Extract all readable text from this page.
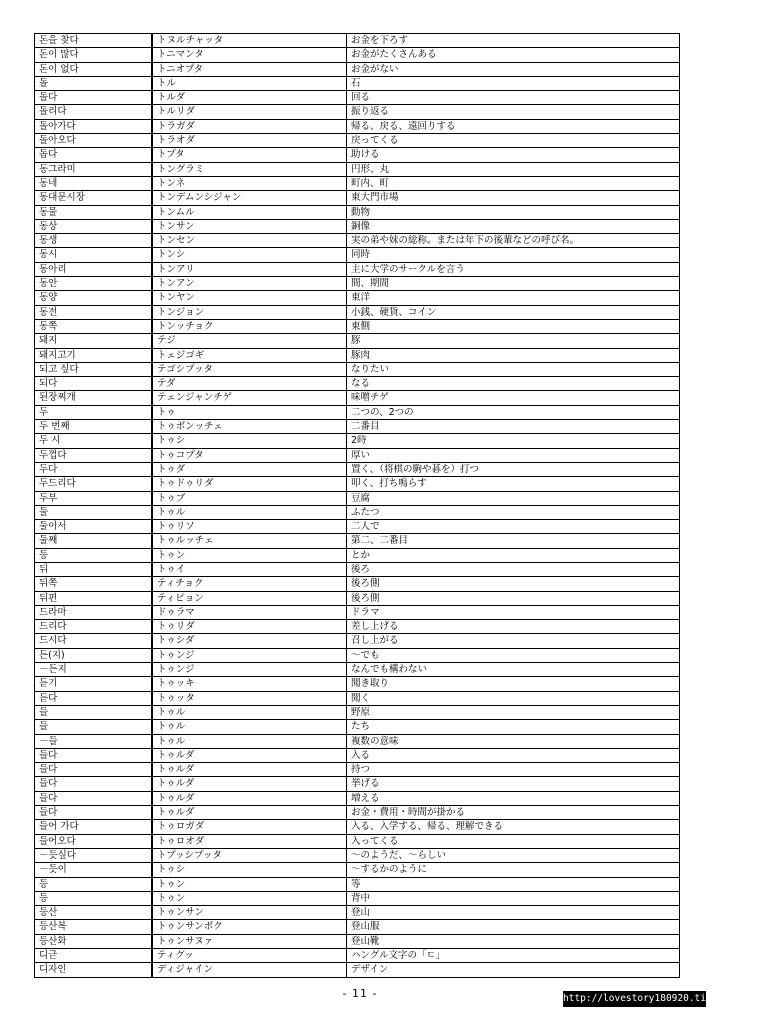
돈을 찾다	トヌルチャッタ	お金を下ろす
돈이 많다	トニマンタ	お金がたくさんある
돈이 없다	トニオプタ	お金がない
돌	トル	石
돌다	トルダ	回る
돌리다	トルリダ	振り返る
돌아가다	トラガダ	帰る、戻る、遠回りする
돌아오다	トラオダ	戻ってくる
돕다	トプタ	助ける
동그라미	トングラミ	円形、丸
동네	トンネ	町内、町
동대문시장	トンデムンシジャン	東大門市場
동물	トンムル	動物
동상	トンサン	銅像
동생	トンセン	実の弟や妹の総称。または年下の後輩などの呼び名。
동시	トンシ	同時
동아리	トンアリ	主に大学のサークルを言う
동안	トンアン	間、期間
동양	トンヤン	東洋
동전	トンジョン	小銭、硬貨、コイン
동쪽	トンッチョク	東側
돼지	テジ	豚
돼지고기	トェジゴギ	豚肉
되고 싶다	テゴシプッタ	なりたい
되다	テダ	なる
된장찌개	テェンジャンチゲ	味噌チゲ
두	トゥ	二つの、2つの
두 번째	トゥボンッチェ	二番目
두 시	トゥシ	2時
두껍다	トゥコプタ	厚い
두다	トゥダ	置く、（将棋の駒や碁を）打つ
두드리다	トゥドゥリダ	叩く、打ち鳴らす
두부	トゥブ	豆腐
둘	トゥル	ふたつ
둘이서	トゥリソ	二人で
둘째	トゥルッチェ	第二、二番目
등	トゥン	とか
뒤	トゥイ	後ろ
뒤쪽	ティチョク	後ろ側
뒤편	ティピョン	後ろ側
드라마	ドゥラマ	ドラマ
드리다	トゥリダ	差し上げる
드시다	トゥシダ	召し上がる
든(지)	トゥンジ	～でも
－든지	トゥンジ	なんでも構わない
듣기	トゥッキ	聞き取り
듣다	トゥッタ	聞く
들	トゥル	野原
들	トゥル	たち
－들	トゥル	複数の意味
들다	トゥルダ	入る
들다	トゥルダ	持つ
들다	トゥルダ	挙げる
들다	トゥルダ	増える
들다	トゥルダ	お金・費用・時間が掛かる
들어 가다	トゥロガダ	入る、入学する、帰る、理解できる
들어오다	トゥロオダ	入ってくる
－듯싶다	トプッシプッタ	～のようだ、～らしい
－듯이	トゥシ	～するかのように
등	トゥン	等
등	トゥン	背中
등산	トゥンサン	登山
등산복	トゥンサンボク	登山服
등산화	トゥンサヌァ	登山靴
디귿	ティグッ	ハングル文字の「ㄷ」
디자인	ディジャイン	デザイン
- 11 -	http://lovestory180920.tistory.com
